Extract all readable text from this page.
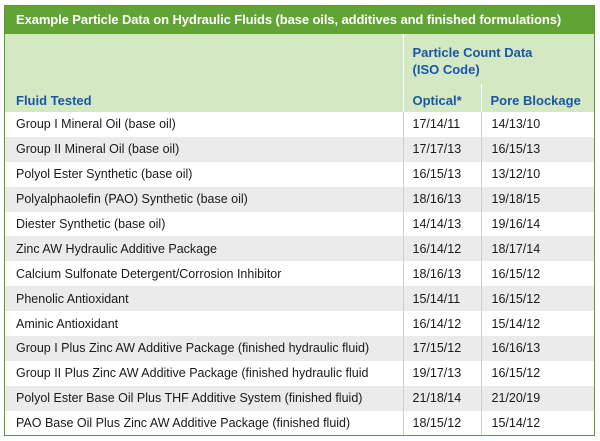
Example Particle Data on Hydraulic Fluids (base oils, additives and finished formulations)
	Particle Count Data
(ISO Code)	
Fluid Tested	Optical*	Pore Blockage
Group I Mineral Oil (base oil)	17/14/11	14/13/10
Group II Mineral Oil (base oil)	17/17/13	16/15/13
Polyol Ester Synthetic (base oil)	16/15/13	13/12/10
Polyalphaolefin (PAO) Synthetic (base oil)	18/16/13	19/18/15
Diester Synthetic (base oil)	14/14/13	19/16/14
Zinc AW Hydraulic Additive Package	16/14/12	18/17/14
Calcium Sulfonate Detergent/Corrosion Inhibitor	18/16/13	16/15/12
Phenolic Antioxidant	15/14/11	16/15/12
Aminic Antioxidant	16/14/12	15/14/12
Group I Plus Zinc AW Additive Package (finished hydraulic fluid)	17/15/12	16/16/13
Group II Plus Zinc AW Additive Package (finished hydraulic fluid	19/17/13	16/15/12
Polyol Ester Base Oil Plus THF Additive System (finished fluid)	21/18/14	21/20/19
PAO Base Oil Plus Zinc AW Additive Package (finished fluid)	18/15/12	15/14/12
